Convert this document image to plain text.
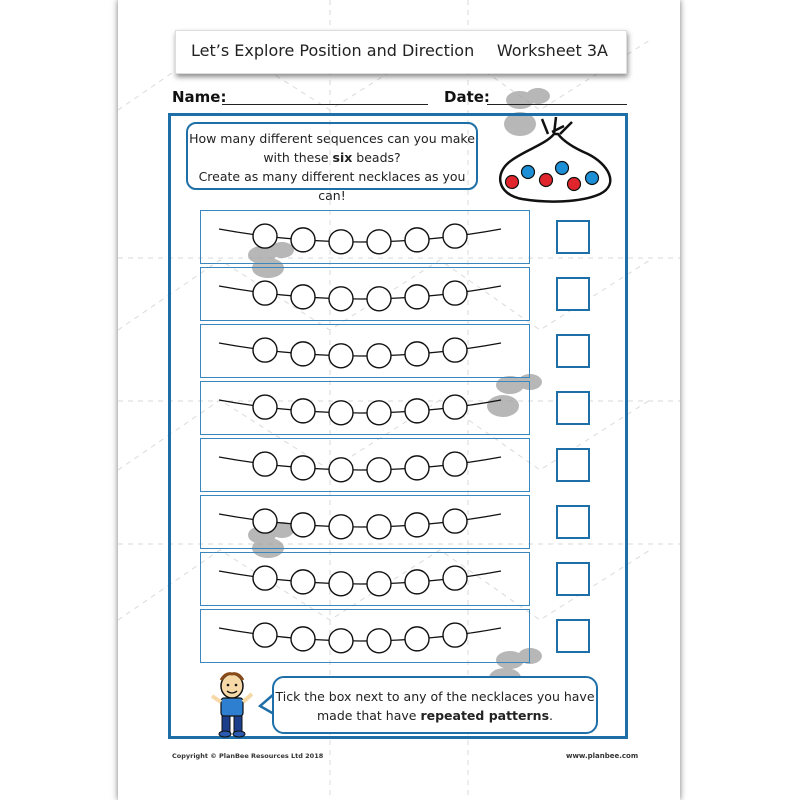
Let’s Explore Position and Direction Worksheet 3A
Name:	Date:
How many different sequences can you make
with these six beads?
Create as many different necklaces as you can!
Tick the box next to any of the necklaces you have
made that have repeated patterns.
Copyright © PlanBee Resources Ltd 2018	www.planbee.com
